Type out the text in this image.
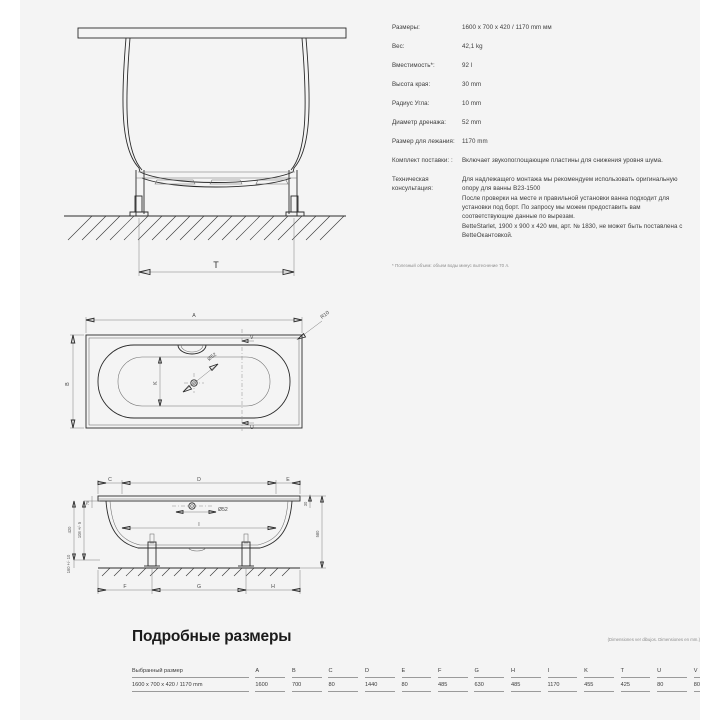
T
Ø52
A
B
R10
V
U
K
Ø52
I
C	D	E
F	G	H
420 108 +/- 5
160 +/- 10
75	30
580
Размеры:	1600 x 700 x 420 / 1170 mm мм

Вес:	42,1 kg

Вместимость*:	92 l

Высота края:	30 mm

Радиус Угла:	10 mm

Диаметр дренажа:	52 mm

Размер для лежания:	1170 mm

Комплект поставки: :	Включает звукопоглощающие пластины для снижения уровня шума.

Техническая консультация:

Для надлежащего монтажа мы рекомендуем использовать оригинальную опору для ванны B23-1500

После проверки на месте и правильной установки ванна подходит для установки под борт. По запросу мы можем предоставить вам соответствующие данные по вырезам.

BetteStarlet, 1900 x 900 x 420 мм, арт. № 1830, не может быть поставлена с BetteОкантовкой.

* Полезный объем: объем воды минус вытеснение 70 л.
Подробные размеры	(Dimensiones ver dibujos. Dimensiones en mm.)
Выбранный размер		A		B		C		D		E		F		G		H		I		K		T		U		V
1600 x 700 x 420 / 1170 mm		1600		700		80		1440		80		485		630		485		1170		455		425		80		80
